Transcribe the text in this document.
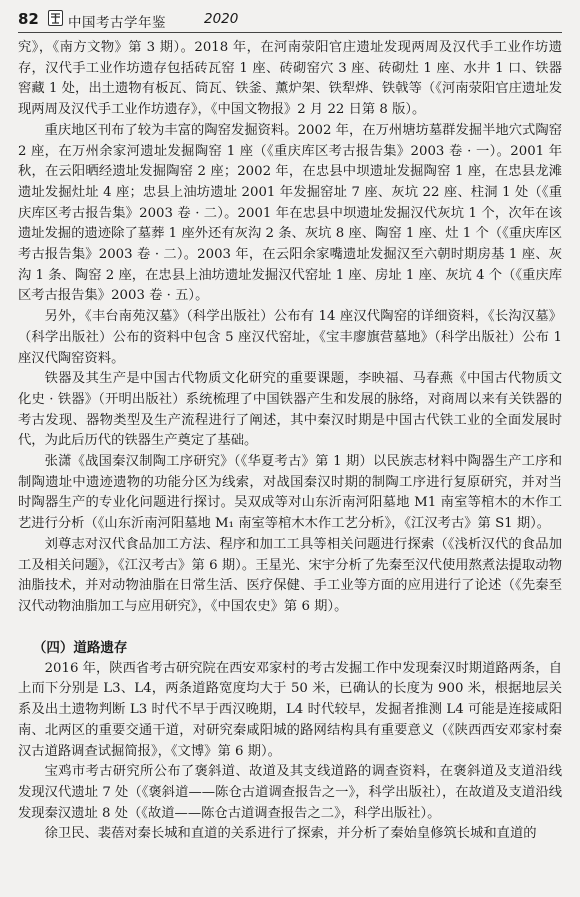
82 中国考古学年鉴	2020

究》，《南方文物》第 3 期）。2018 年，在河南荥阳官庄遗址发现两周及汉代手工业作坊遗存，汉代手工业作坊遗存包括砖瓦窑 1 座、砖砌窑穴 3 座、砖砌灶 1 座、水井 1 口、铁器窖藏 1 处，出土遗物有板瓦、筒瓦、铁釜、薰炉架、铁犁烨、铁戟等（《河南荥阳官庄遗址发现两周及汉代手工业作坊遗存》，《中国文物报》2 月 22 日第 8 版）。

重庆地区刊布了较为丰富的陶窑发掘资料。2002 年，在万州塘坊墓群发掘半地穴式陶窑 2 座，在万州余家河遗址发掘陶窑 1 座（《重庆库区考古报告集》2003 卷 · 一）。2001 年秋，在云阳晒经遗址发掘陶窑 2 座；2002 年，在忠县中坝遗址发掘陶窑 1 座，在忠县龙滩遗址发掘灶址 4 座；忠县上油坊遗址 2001 年发掘窑址 7 座、灰坑 22 座、柱洞 1 处（《重庆库区考古报告集》2003 卷 · 二）。2001 年在忠县中坝遗址发掘汉代灰坑 1 个，次年在该遗址发掘的遗迹除了墓葬 1 座外还有灰沟 2 条、灰坑 8 座、陶窑 1 座、灶 1 个（《重庆库区考古报告集》2003 卷 · 二）。2003 年，在云阳余家嘴遗址发掘汉至六朝时期房基 1 座、灰沟 1 条、陶窑 2 座，在忠县上油坊遗址发掘汉代窑址 1 座、房址 1 座、灰坑 4 个（《重庆库区考古报告集》2003 卷 · 五）。

另外，《丰台南苑汉墓》（科学出版社）公布有 14 座汉代陶窑的详细资料，《长沟汉墓》（科学出版社）公布的资料中包含 5 座汉代窑址，《宝丰廖旗营墓地》（科学出版社）公布 1 座汉代陶窑资料。

铁器及其生产是中国古代物质文化研究的重要课题，李映福、马春燕《中国古代物质文化史 · 铁器》（开明出版社）系统梳理了中国铁器产生和发展的脉络，对商周以来有关铁器的考古发现、器物类型及生产流程进行了阐述，其中秦汉时期是中国古代铁工业的全面发展时代，为此后历代的铁器生产奠定了基础。

张潇《战国秦汉制陶工序研究》（《华夏考古》第 1 期）以民族志材料中陶器生产工序和制陶遗址中遗迹遗物的功能分区为线索，对战国秦汉时期的制陶工序进行复原研究，并对当时陶器生产的专业化问题进行探讨。吴双成等对山东沂南河阳墓地 M1 南室等棺木的木作工艺进行分析（《山东沂南河阳墓地 M₁ 南室等棺木木作工艺分析》，《江汉考古》第 S1 期）。

刘尊志对汉代食品加工方法、程序和加工工具等相关问题进行探索（《浅析汉代的食品加工及相关问题》，《江汉考古》第 6 期）。王星光、宋宇分析了先秦至汉代使用熬煮法提取动物油脂技术，并对动物油脂在日常生活、医疗保健、手工业等方面的应用进行了论述（《先秦至汉代动物油脂加工与应用研究》，《中国农史》第 6 期）。

（四）道路遗存

2016 年，陕西省考古研究院在西安邓家村的考古发掘工作中发现秦汉时期道路两条，自上而下分别是 L3、L4，两条道路宽度均大于 50 米，已确认的长度为 900 米，根据地层关系及出土遗物判断 L3 时代不早于西汉晚期，L4 时代较早，发掘者推测 L4 可能是连接咸阳南、北两区的重要交通干道，对研究秦咸阳城的路网结构具有重要意义（《陕西西安邓家村秦汉古道路调查试掘简报》，《文博》第 6 期）。

宝鸡市考古研究所公布了褒斜道、故道及其支线道路的调查资料，在褒斜道及支道沿线发现汉代遗址 7 处（《褒斜道——陈仓古道调查报告之一》，科学出版社），在故道及支道沿线发现秦汉遗址 8 处（《故道——陈仓古道调查报告之二》，科学出版社）。

徐卫民、裴蓓对秦长城和直道的关系进行了探索，并分析了秦始皇修筑长城和直道的
